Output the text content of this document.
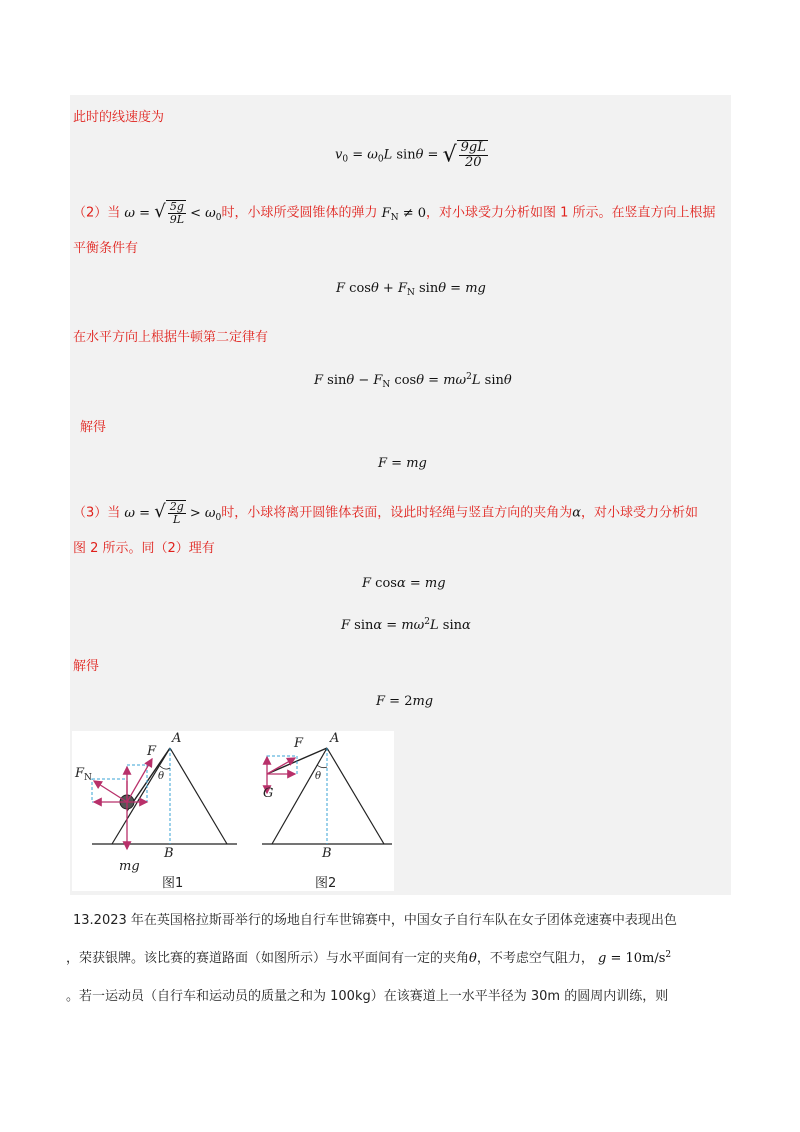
此时的线速度为
$v_0 = \omega_0L$ sinθ = √ $\frac{9gL}{20}$
（2）当 ω = √ $\frac{5g}{9L} < \omega_0$时，小球所受圆锥体的弹力 $F_N \ne 0$，对小球受力分析如图 1 所示。在竖直方向上根据
平衡条件有
F $\cos\theta + F_N$ sinθ = mg
在水平方向上根据牛顿第二定律有
F $\sin\theta - F_N$ $\cos\theta = m\omega^2L$ sinθ
解得
F = mg
（3）当 ω = √ $\frac{2g}{L} > \omega_0$时，小球将离开圆锥体表面，设此时轻绳与竖直方向的夹角为α，对小球受力分析如
图 2 所示。同（2）理有
F cosα = mg
F $\sin\alpha = m\omega^2L$ sinα
解得
F = 2mg
A
F
$F_N$	θ
B
mg
图1
A
F
θ
G
B
图2
13.2023 年在英国格拉斯哥举行的场地自行车世锦赛中，中国女子自行车队在女子团体竞速赛中表现出色
，荣获银牌。该比赛的赛道路面（如图所示）与水平面间有一定的夹角θ，不考虑空气阻力， $g = 10m/s^2$
。若一运动员（自行车和运动员的质量之和为 100kg）在该赛道上一水平半径为 30m 的圆周内训练，则
